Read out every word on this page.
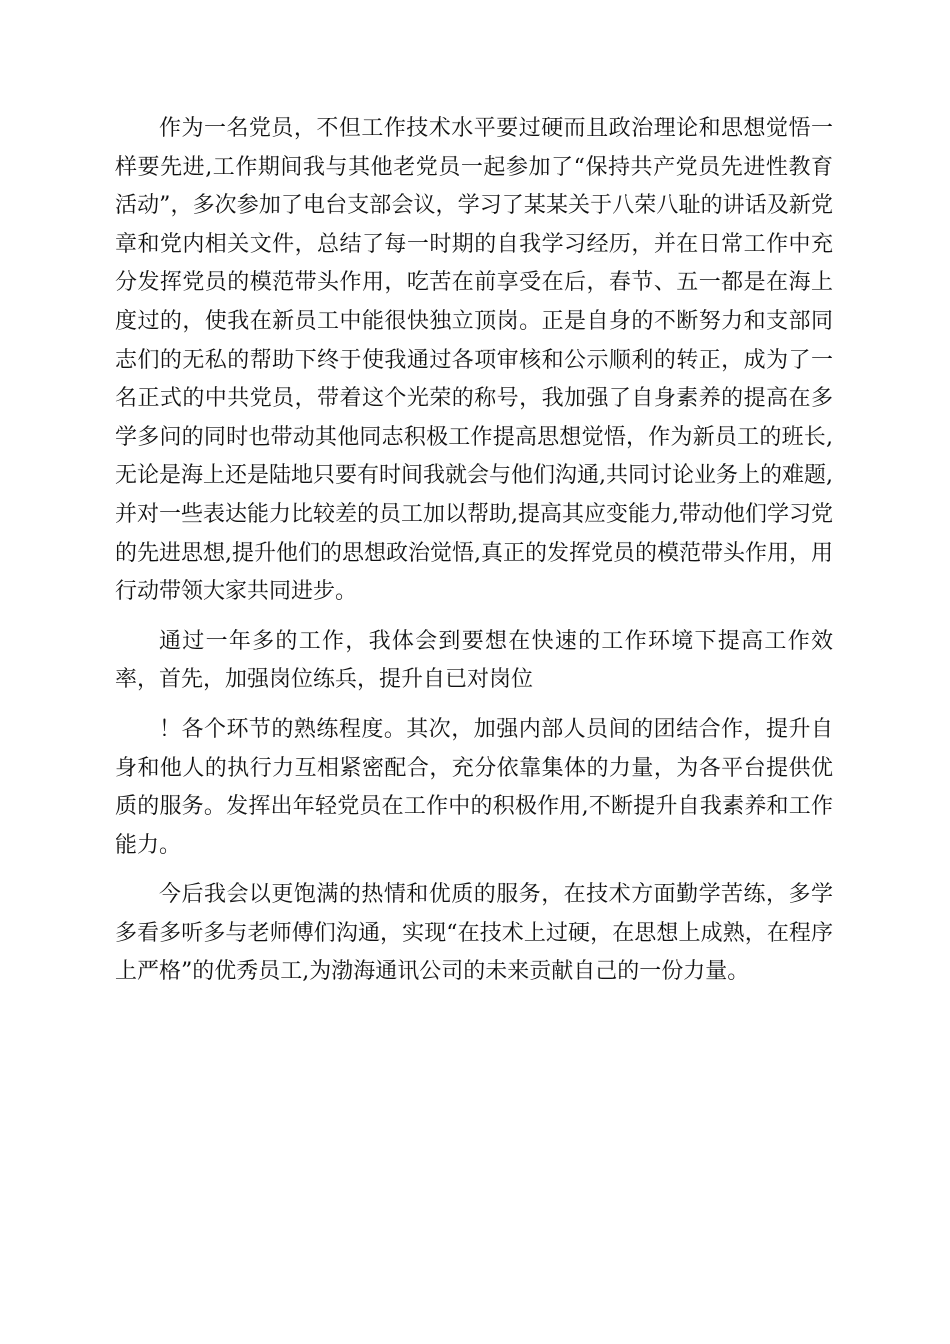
作为一名党员，不但工作技术水平要过硬而且政治理论和思想觉悟一样要先进,工作期间我与其他老党员一起参加了“保持共产党员先进性教育活动”，多次参加了电台支部会议，学习了某某关于八荣八耻的讲话及新党章和党内相关文件，总结了每一时期的自我学习经历，并在日常工作中充分发挥党员的模范带头作用，吃苦在前享受在后，春节、五一都是在海上度过的，使我在新员工中能很快独立顶岗。正是自身的不断努力和支部同志们的无私的帮助下终于使我通过各项审核和公示顺利的转正，成为了一名正式的中共党员，带着这个光荣的称号，我加强了自身素养的提高在多学多问的同时也带动其他同志积极工作提高思想觉悟，作为新员工的班长,无论是海上还是陆地只要有时间我就会与他们沟通,共同讨论业务上的难题,并对一些表达能力比较差的员工加以帮助,提高其应变能力,带动他们学习党的先进思想,提升他们的思想政治觉悟,真正的发挥党员的模范带头作用，用行动带领大家共同进步。

通过一年多的工作，我体会到要想在快速的工作环境下提高工作效率，首先，加强岗位练兵，提升自已对岗位

！各个环节的熟练程度。其次，加强内部人员间的团结合作，提升自身和他人的执行力互相紧密配合，充分依靠集体的力量，为各平台提供优质的服务。发挥出年轻党员在工作中的积极作用,不断提升自我素养和工作能力。

今后我会以更饱满的热情和优质的服务，在技术方面勤学苦练，多学多看多听多与老师傅们沟通，实现“在技术上过硬，在思想上成熟，在程序上严格”的优秀员工,为渤海通讯公司的未来贡献自己的一份力量。
